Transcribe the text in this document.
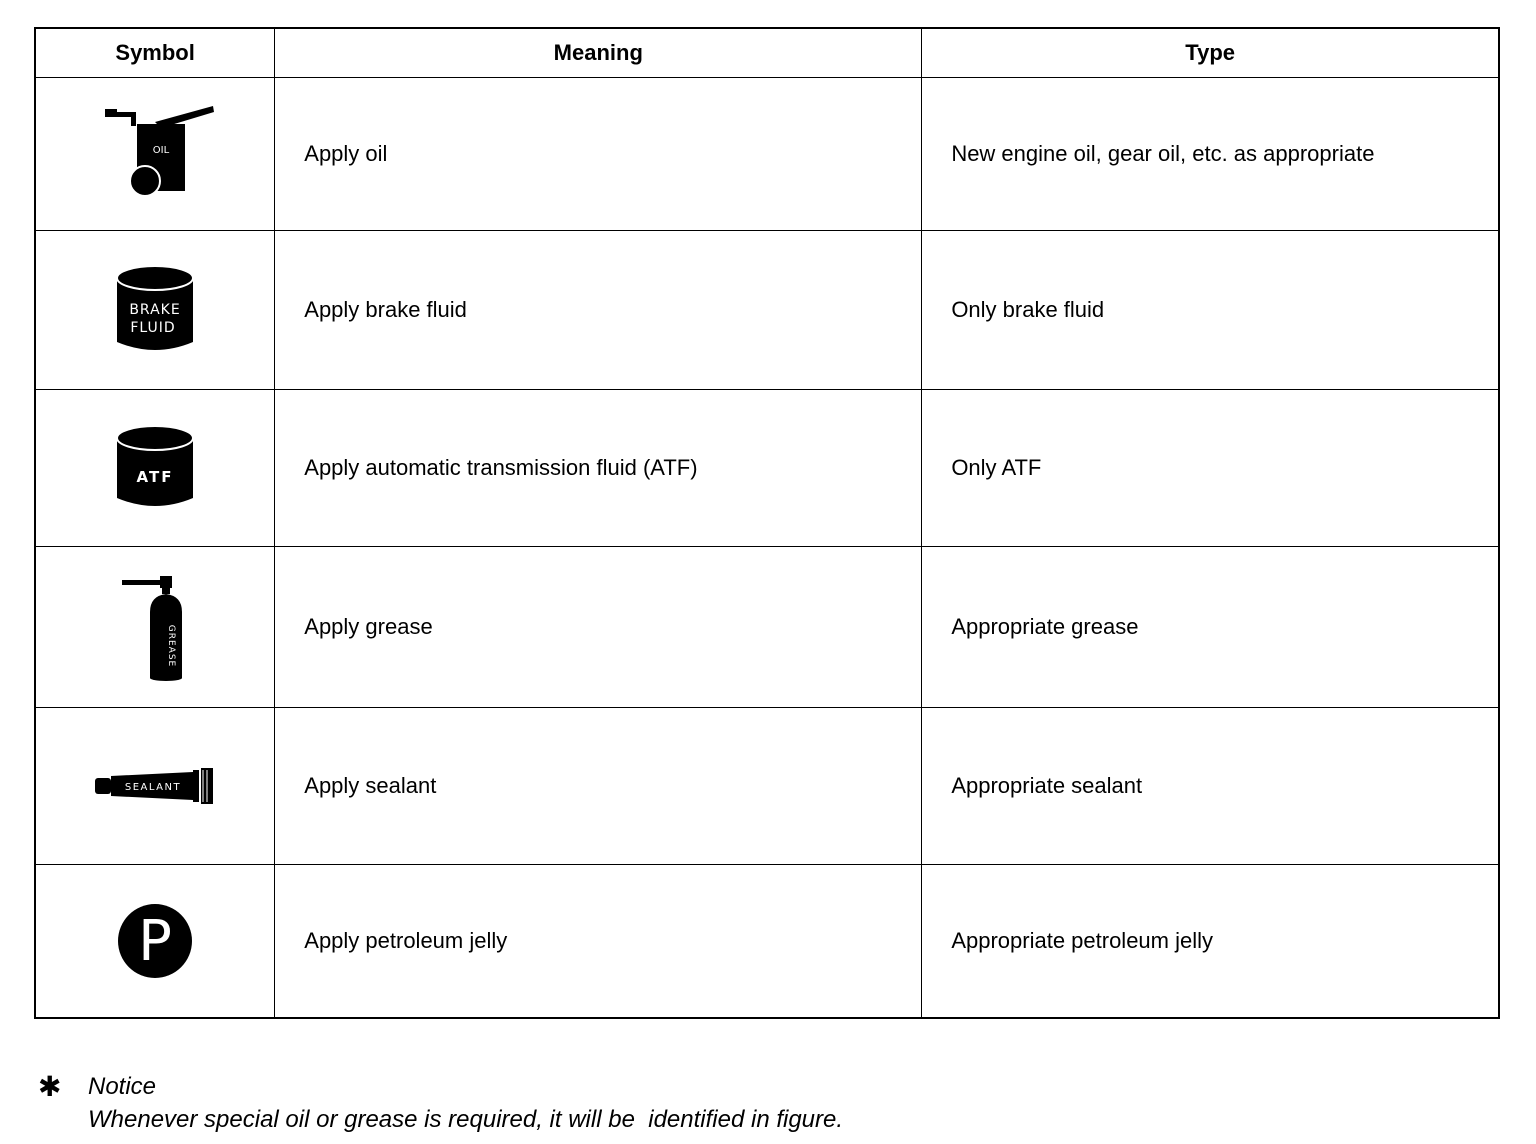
Symbol	Meaning	Type

OIL	Apply oil	New engine oil, gear oil, etc. as appropriate

BRAKE
FLUID	Apply brake fluid	Only brake fluid

ATF	Apply automatic transmission fluid (ATF)	Only ATF

GREASE	Apply grease	Appropriate grease

SEALANT	Apply sealant	Appropriate sealant

P	Apply petroleum jelly	Appropriate petroleum jelly
✱ Notice
Whenever special oil or grease is required, it will be  identified in figure.
